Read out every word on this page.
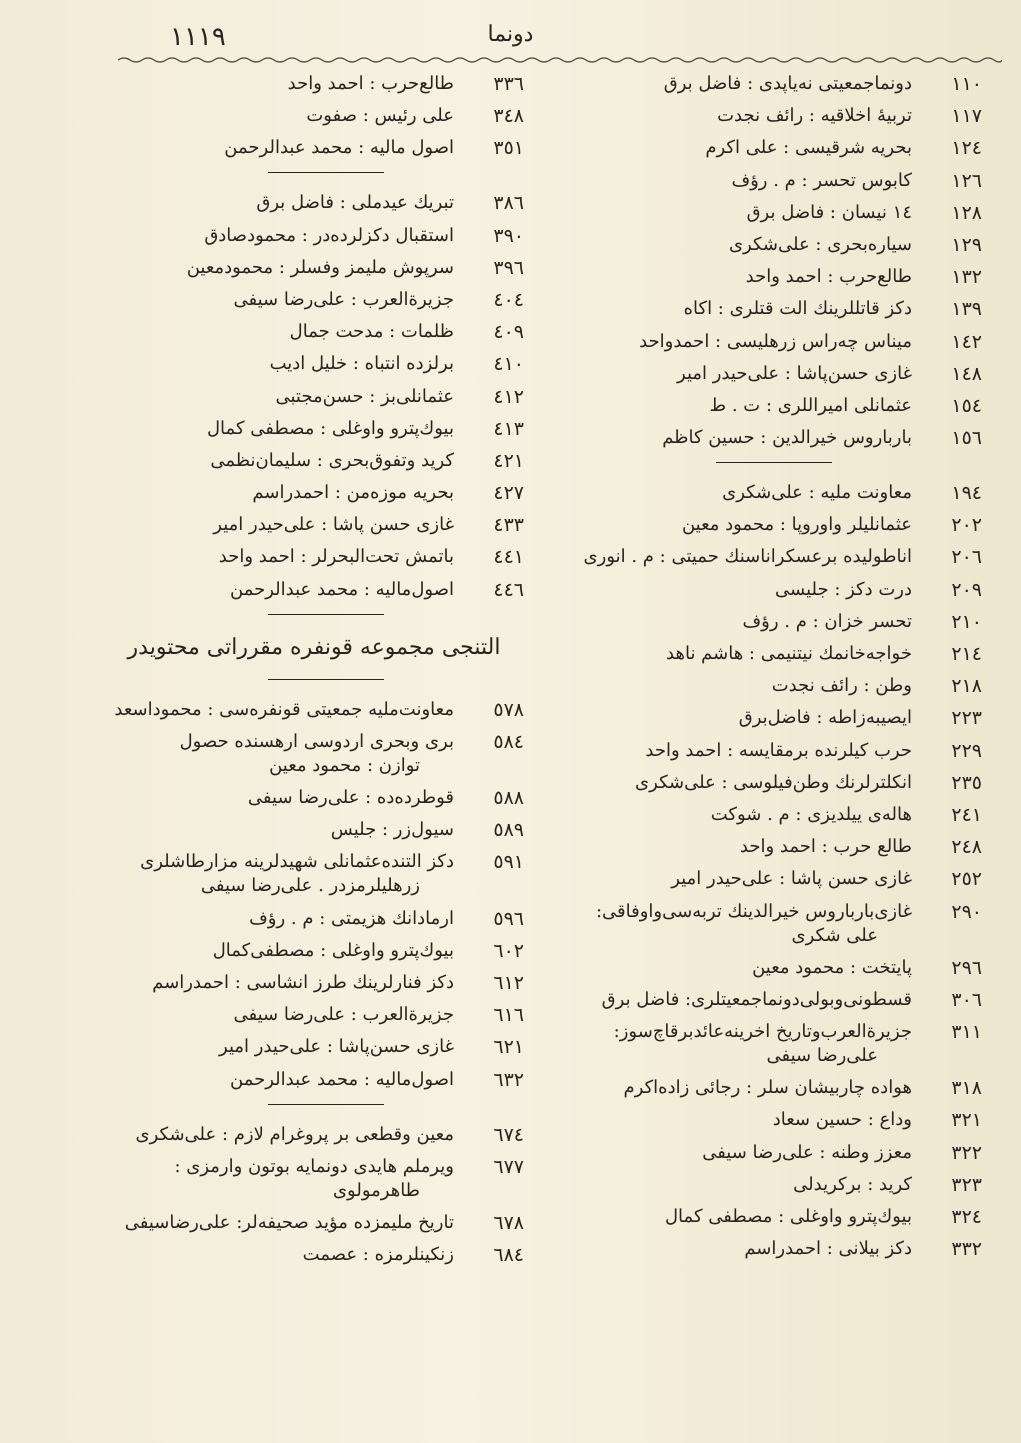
۱۱۱۹	دونما
۱۱۰
دونماجمعیتی نه‌یاپدی : فاضل برق
۱۱۷
تربیهٔ اخلاقیه : رائف نجدت
۱۲٤
بحریه شرقیسی : علی اکرم
۱۲٦
کابوس تحسر : م . رؤف
۱۲۸
١٤ نیسان : فاضل برق
۱۲۹
سیاره‌بحری : علی‌شکری
۱۳۲
طالع‌حرب : احمد واحد
۱۳۹
دکز قاتللرینك الت قتلری : اکاه
۱٤۲
میناس چه‌راس زرهلیسی : احمدواحد
۱٤۸
غازی حسن‌پاشا : علی‌حیدر امیر
۱٥٤
عثمانلی امیراللری : ت . ط
۱٥٦
بارباروس خیرالدین : حسین کاظم
۱۹٤
معاونت ملیه : علی‌شکری
۲۰۲
عثمانلیلر واوروپا : محمود معین
۲۰٦
اناطولیده برعسکراناسنك حمیتی : م . انوری
۲۰۹
درت دکز : جلیسی
۲۱۰
تحسر خزان : م . رؤف
۲۱٤
خواجه‌خانمك نیتنیمی : هاشم ناهد
۲۱۸
وطن : رائف نجدت
۲۲۳
ایصیبه‌زاطه : فاضل‌برق
۲۲۹
حرب کیلرنده برمقایسه : احمد واحد
۲۳٥
انکلترلرنك وطن‌فیلوسی : علی‌شکری
۲٤۱
هاله‌ی ییلدیزی : م . شوکت
۲٤۸
طالع حرب : احمد واحد
۲٥۲
غازی حسن پاشا : علی‌حیدر امیر
۲۹۰
غازی‌بارباروس خیرالدینك تربه‌سی‌واوفاقی:
علی شکری
۲۹٦
پایتخت : محمود معین
۳۰٦
قسطونی‌وبولی‌دونماجمعیتلری: فاضل برق
۳۱۱
جزیرةالعرب‌وتاریخ اخرینه‌عائدبرقاچ‌سوز:
علی‌رضا سیفی
۳۱۸
هواده چاربیشان سلر : رجائی زاده‌اکرم
۳۲۱
وداع : حسین سعاد
۳۲۲
معزز وطنه : علی‌رضا سیفی
۳۲۳
کرید : برکریدلی
۳۲٤
بیوك‌پترو واوغلی : مصطفی کمال
۳۳۲
دکز بیلانی : احمدراسم
۳۳٦
طالع‌حرب : احمد واحد
۳٤۸
علی رئیس : صفوت
۳٥۱
اصول مالیه : محمد عبدالرحمن
۳۸٦
تبریك عیدملی : فاضل برق
۳۹۰
استقبال دکزلرده‌در : محمودصادق
۳۹٦
سرپوش ملیمز وفسلر : محمودمعین
٤۰٤
جزیرةالعرب : علی‌رضا سیفی
٤۰۹
ظلمات : مدحت جمال
٤۱۰
برلزده انتباه : خلیل ادیب
٤۱۲
عثمانلی‌بز : حسن‌مجتبی
٤۱۳
بیوك‌پترو واوغلی : مصطفی کمال
٤۲۱
کرید وتفوق‌بحری : سلیمان‌نظمی
٤۲۷
بحریه موزه‌من : احمدراسم
٤۳۳
غازی حسن پاشا : علی‌حیدر امیر
٤٤۱
باتمش تحت‌البحرلر : احمد واحد
٤٤٦
اصول‌مالیه : محمد عبدالرحمن
التنجی مجموعه قونفره مقرراتی محتویدر
٥۷۸
معاونت‌ملیه جمعیتی قونفره‌سی : محموداسعد
٥۸٤
بری وبحری اردوسی ارهسنده حصول
توازن : محمود معین
٥۸۸
قوطرده‌ده : علی‌رضا سیفی
٥۸۹
سیول‌زر : جلیس
٥۹۱
دکز التنده‌عثمانلی شهیدلرینه مزارطاشلری
زرهلیلرمزدر . علی‌رضا سیفی
٥۹٦
ارمادانك هزیمتی : م . رؤف
٦۰۲
بیوك‌پترو واوغلی : مصطفی‌کمال
٦۱۲
دکز فنارلرینك طرز انشاسی : احمدراسم
٦۱٦
جزیرةالعرب : علی‌رضا سیفی
٦۲۱
غازی حسن‌پاشا : علی‌حیدر امیر
٦۳۲
اصول‌مالیه : محمد عبدالرحمن
٦۷٤
معین وقطعی بر پروغرام لازم : علی‌شکری
٦۷۷
ویرملم هایدی دونمایه بوتون وارمزی :
طاهرمولوی
٦۷۸
تاریخ ملیمزده مؤید صحیفه‌لر: علی‌رضاسیفی
٦۸٤
زنکینلرمزه : عصمت
